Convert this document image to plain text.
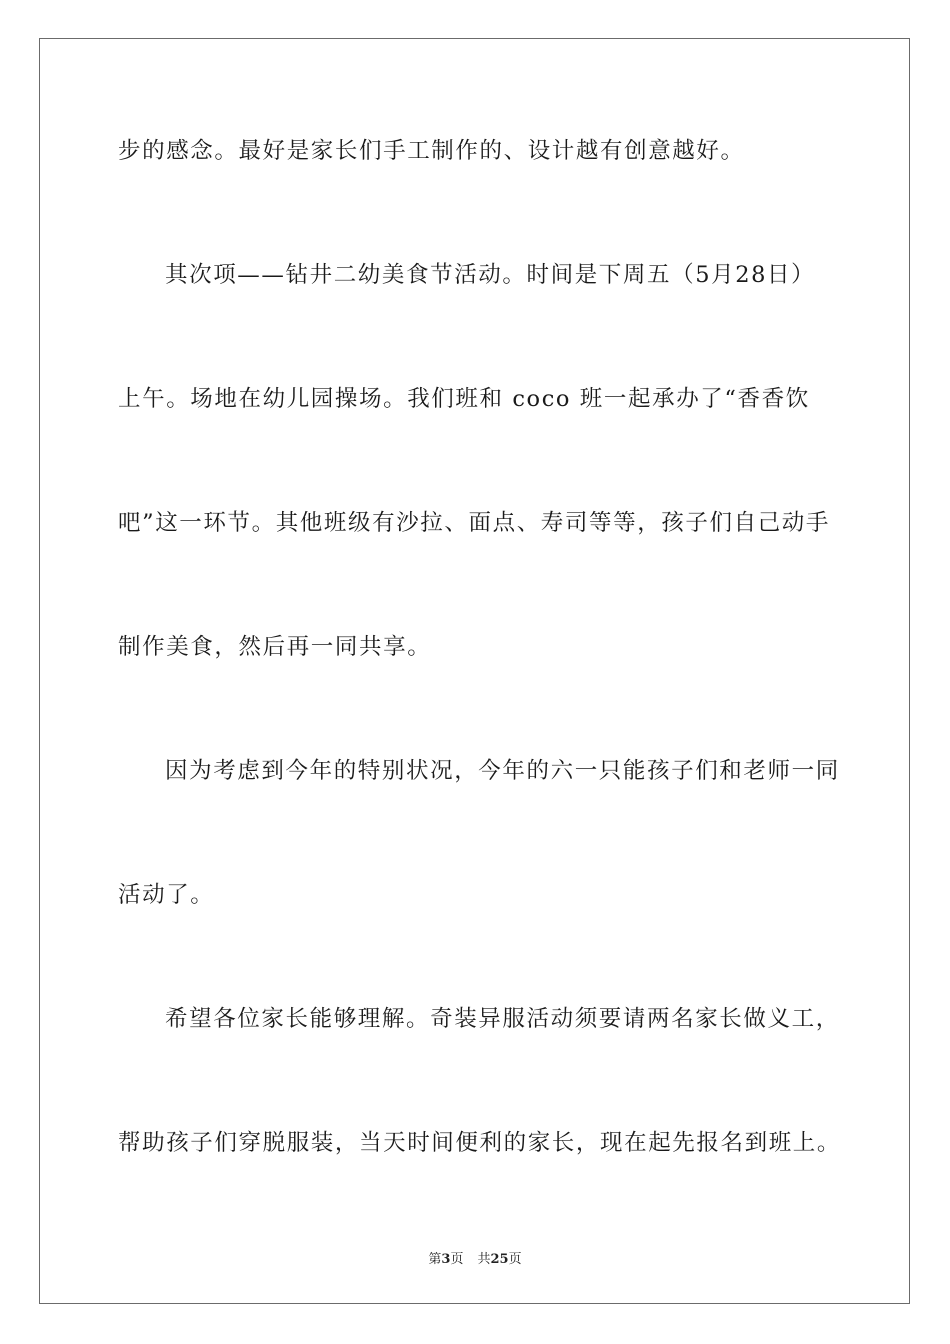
步的感念。最好是家长们手工制作的、设计越有创意越好。
其次项——钻井二幼美食节活动。时间是下周五（5月28日）
上午。场地在幼儿园操场。我们班和 coco 班一起承办了“香香饮
吧”这一环节。其他班级有沙拉、面点、寿司等等，孩子们自己动手
制作美食，然后再一同共享。
因为考虑到今年的特别状况，今年的六一只能孩子们和老师一同
活动了。
希望各位家长能够理解。奇装异服活动须要请两名家长做义工，
帮助孩子们穿脱服装，当天时间便利的家长，现在起先报名到班上。
第3页 共25页
